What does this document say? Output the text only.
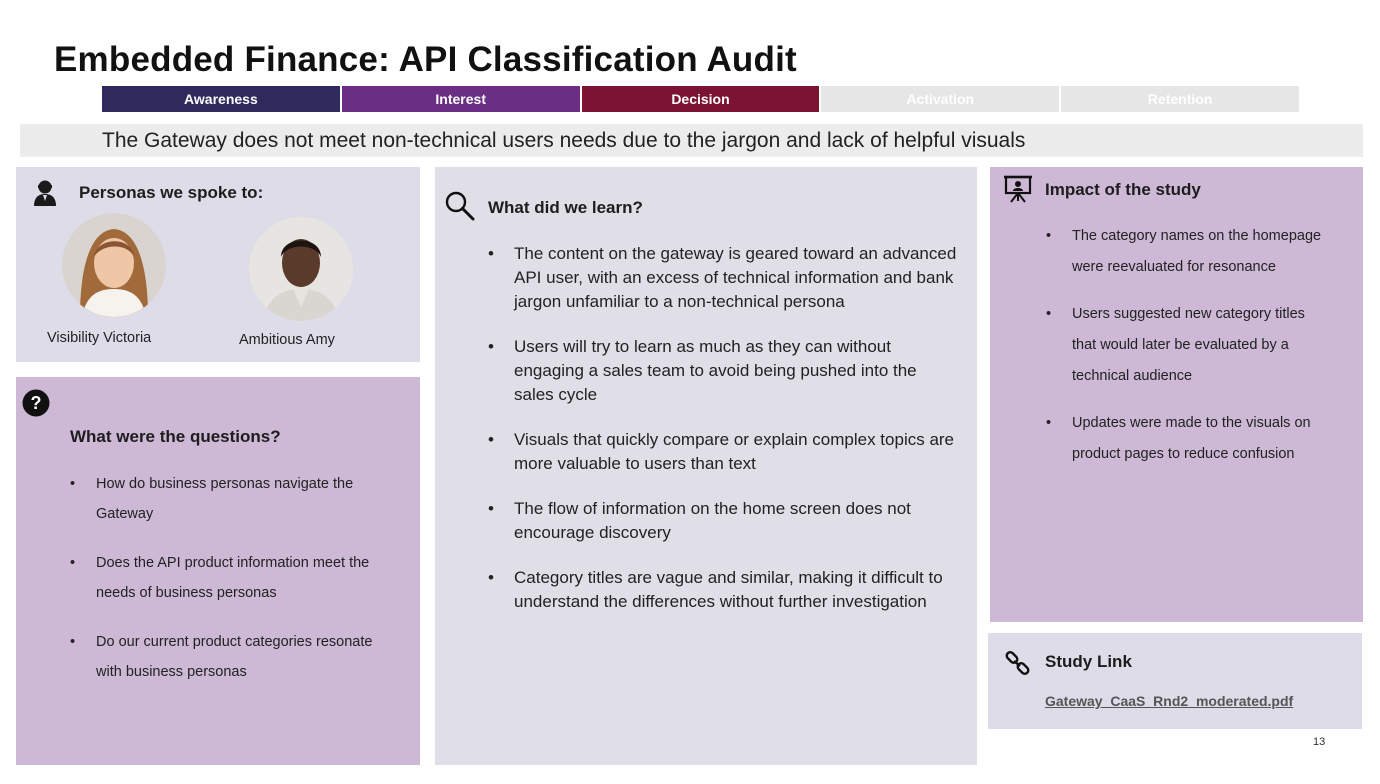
Embedded Finance: API Classification Audit
Awareness	Interest	Decision	Activation	Retention
The Gateway does not meet non-technical users needs due to the jargon and lack of helpful visuals
Personas we spoke to:
Visibility Victoria	Ambitious Amy
?
What were the questions?
• How do business personas navigate the Gateway
• Does the API product information meet the needs of business personas
• Do our current product categories resonate with business personas
What did we learn?
• The content on the gateway is geared toward an advanced API user, with an excess of technical information and bank jargon unfamiliar to a non-technical persona
• Users will try to learn as much as they can without engaging a sales team to avoid being pushed into the sales cycle
• Visuals that quickly compare or explain complex topics are more valuable to users than text
• The flow of information on the home screen does not encourage discovery
• Category titles are vague and similar, making it difficult to understand the differences without further investigation
Impact of the study
• The category names on the homepage were reevaluated for resonance
• Users suggested new category titles that would later be evaluated by a technical audience
• Updates were made to the visuals on product pages to reduce confusion
Study Link
Gateway_CaaS_Rnd2_moderated.pdf
13
